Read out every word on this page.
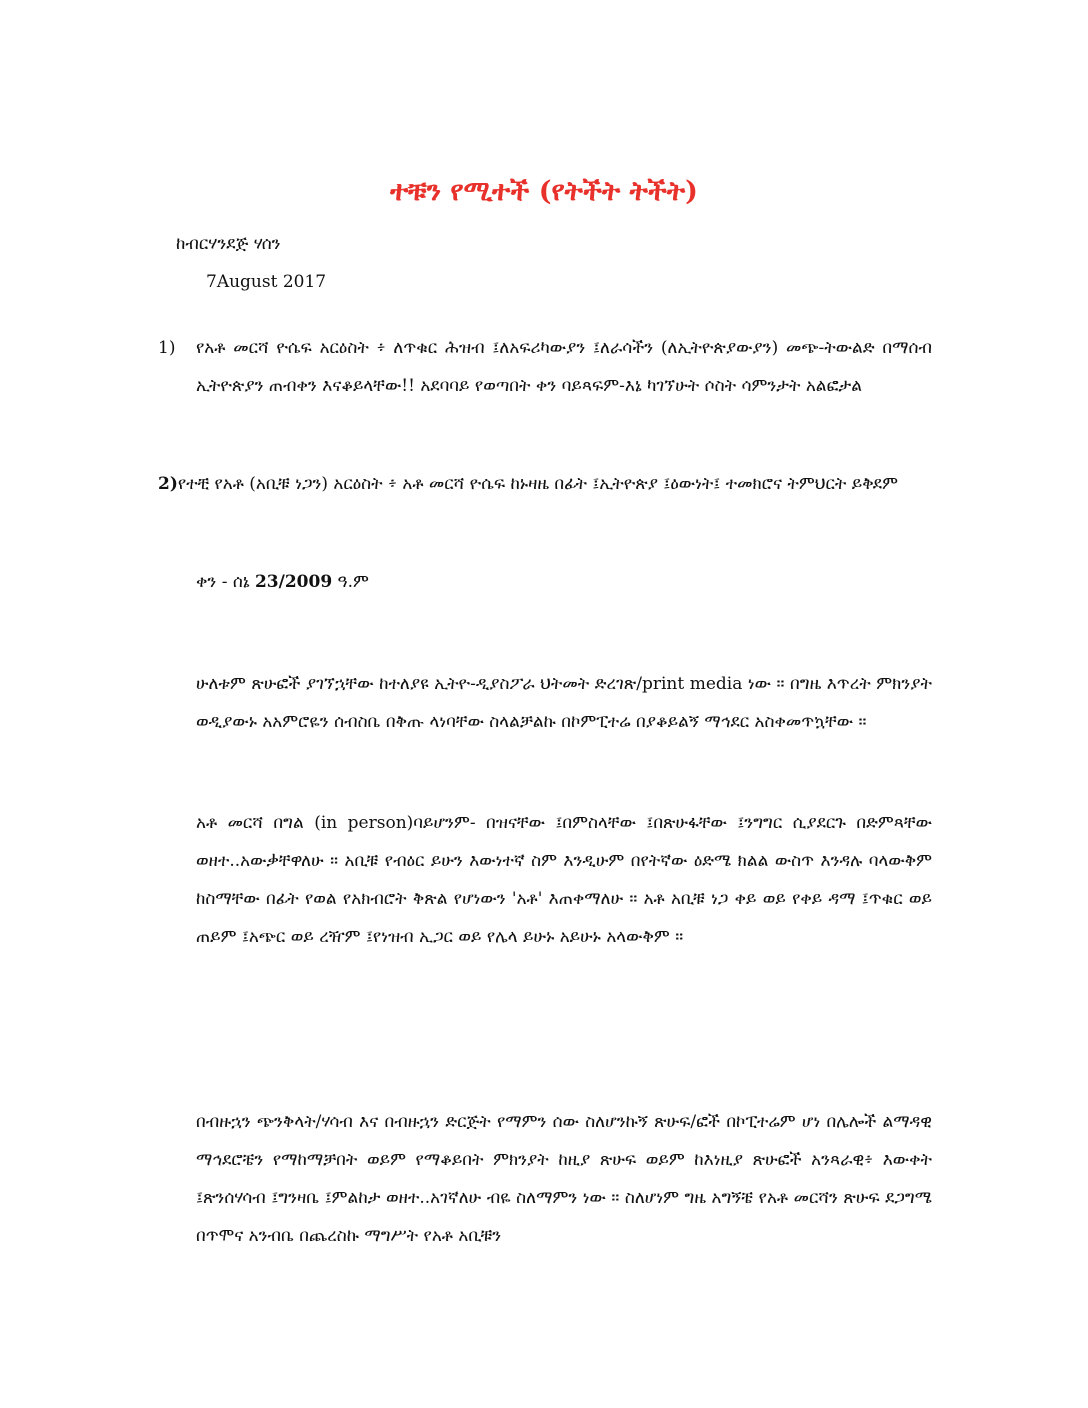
ተቹን የሚተች (የትችት ትችት)

ከብርሃንደጅ ሃሰን

7August 2017

1) የአቶ መርሻ ዮሴፍ አርዕስት ፥ ለጥቁር ሕዝብ ፤ለአፍሪካውያን ፤ለራሳችን (ለኢትዮጵያውያን) መጭ-ትውልድ በማሰብ ኢትዮጵያን ጠብቀን እናቆይላቸው!! አደባባይ የወጣበት ቀን ባይጻፍም-እኔ ካገኘሁት ሶስት ሳምንታት አልፎታል

2)የተቺ የአቶ (አቢቹ ነጋን) አርዕስት ፥ አቶ መርሻ ዮሴፍ ከኑዛዜ በፊት ፤ኢትዮጵያ ፤ዕውነት፤ ተመክሮና ትምህርት ይቅደም

ቀን - ሰኔ 23/2009 ዓ.ም

ሁለቱም ጽሁፎች ያገኘኋቸው ከተለያዩ ኢትዮ-ዲያስፖራ ህትመት ድረገጽ/print media ነው ። በግዜ እጥረት ምክንያት ወዲያውኑ አአምሮዬን ሰብስቤ በቅጡ ላነባቸው ስላልቻልኩ በኮምፒተሬ በያቆይልኝ ማኅደር አስቀመጥኳቸው ።

አቶ መርሻ በግል (in person)ባይሆንም- በዝናቸው ፤በምስላቸው ፤በጽሁፋቸው ፤ንግግር ሲያደርጉ በድምጻቸው ወዘተ..አውቃቸዋለሁ ። አቢቹ የብዕር ይሁን እውነተኛ ስም እንዲሁም በየትኛው ዕድሜ ክልል ውስጥ እንዳሉ ባላውቅም ከስማቸው በፊት የወል የአክብሮት ቅጽል የሆነውን 'አቶ' እጠቀማለሁ ። አቶ አቢቹ ነጋ ቀይ ወይ የቀይ ዳማ ፤ጥቁር ወይ ጠይም ፤አጭር ወይ ረዥም ፤የነዝብ ኢጋር ወይ የሌላ ይሁኑ አይሁኑ አላውቅም ።

በብዙኋን ጭንቅላት/ሃሳብ እና በብዙኋን ድርጅት የማምን ሰው ስለሆንኩኝ ጽሁፍ/ፎች በኮፒተሬም ሆነ በሌሎች ልማዳዊ ማኅደሮቼን የማከማቻበት ወይም የማቆይበት ምክንያት ከዚያ ጽሁፍ ወይም ከእነዚያ ጽሁፎች አንጻራዊ፥ እውቀት ፤ጽንሰሃሳብ ፤ግንዛቤ ፤ምልከታ ወዘተ..አገኛለሁ ብዬ ስለማምን ነው ። ስለሆነም ግዜ አግኝቼ የአቶ መርሻን ጽሁፍ ደጋግሜ በጥሞና አንብቤ በጨረስኩ ማግሥት የአቶ አቢቹን
